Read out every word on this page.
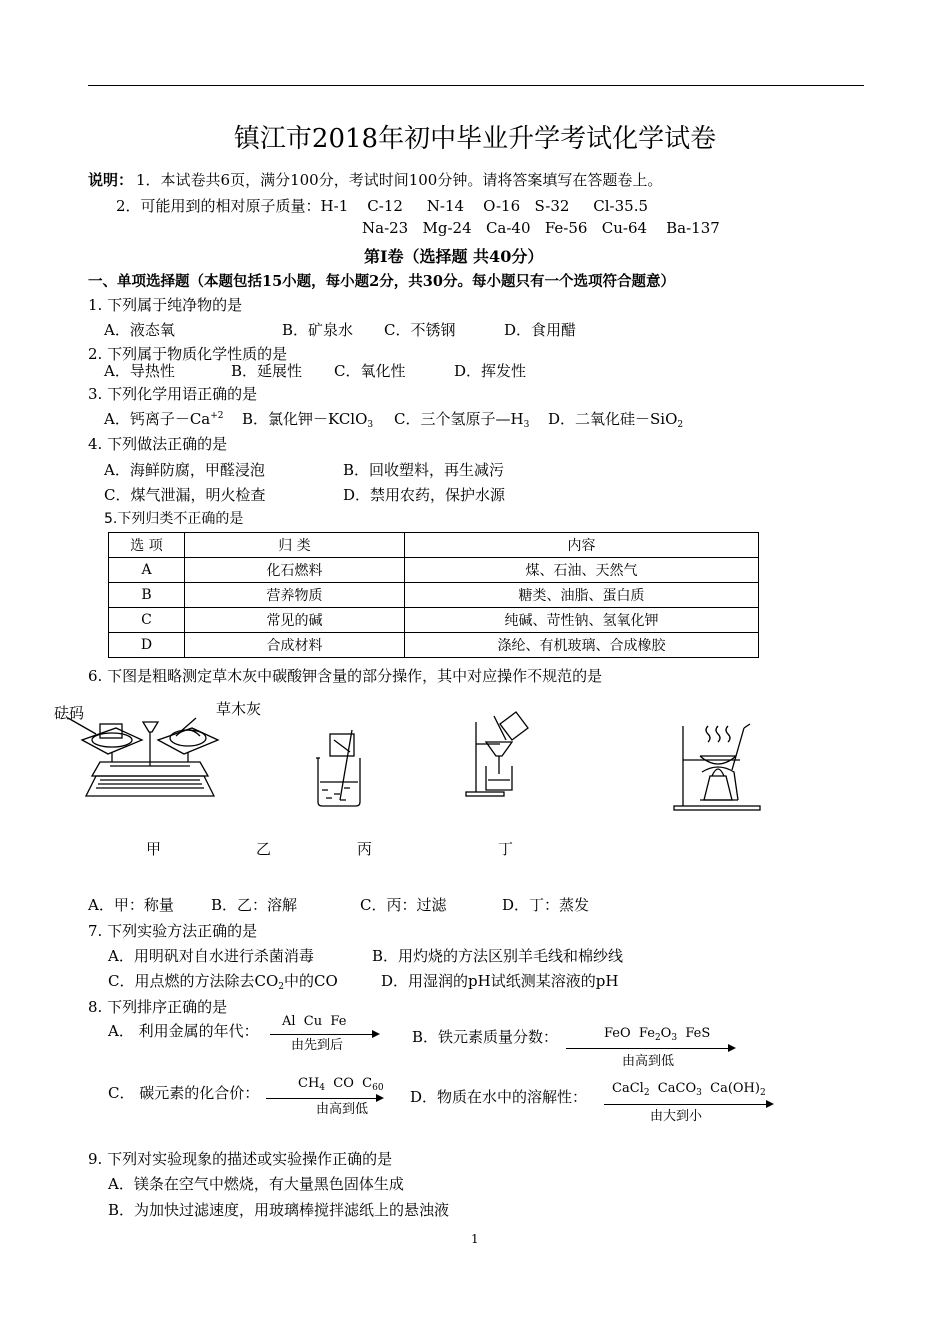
镇江市2018年初中毕业升学考试化学试卷
说明： 1．本试卷共6页，满分100分，考试时间100分钟。请将答案填写在答题卷上。
2．可能用到的相对原子质量：H-1    C-12     N-14    O-16   S-32     Cl-35.5
Na-23   Mg-24   Ca-40   Fe-56   Cu-64    Ba-137
第Ⅰ卷（选择题 共40分）
一、单项选择题（本题包括15小题，每小题2分，共30分。每小题只有一个选项符合题意）
1. 下列属于纯净物的是
A．液态氧	B．矿泉水 C．不锈钢	D．食用醋
2. 下列属于物质化学性质的是
A．导热性	B．延展性 C．氧化性	D．挥发性
3. 下列化学用语正确的是
A．钙离子$-Ca^{+2}$ B．氯化钾－KClO$_3$ C．三个氢原子$—H_3$ D．二氧化硅－SiO$_2$
4. 下列做法正确的是
A．海鲜防腐，甲醛浸泡	B．回收塑料，再生减污
C．煤气泄漏，明火检查	D．禁用农药，保护水源
5.下列归类不正确的是
选 项	归 类	内容
A	化石燃料	煤、石油、天然气
B	营养物质	糖类、油脂、蛋白质
C	常见的碱	纯碱、苛性钠、氢氧化钾
D	合成材料	涤纶、有机玻璃、合成橡胶
6. 下图是粗略测定草木灰中碳酸钾含量的部分操作，其中对应操作不规范的是
砝码	草木灰
甲	乙	丙	丁
A．甲：称量 B．乙：溶解	C．丙：过滤	D．丁：蒸发
7. 下列实验方法正确的是
A．用明矾对自水进行杀菌消毒	B．用灼烧的方法区别羊毛线和棉纱线
C．用点燃的方法除去$CO_2$中的CO	D．用湿润的pH试纸测某溶液的pH
8. 下列排序正确的是
A． 利用金属的年代：
Al  Cu  Fe
由先到后	B．铁元素质量分数：	FeO  $Fe_2O_3$  FeS
由高到低
C． 碳元素的化合价：
$CH_4$  CO  $C_{60}$
由高到低
D．物质在水中的溶解性： CaCl$_2$  CaCO$_3$  $Ca(OH)_2$
由大到小
9. 下列对实验现象的描述或实验操作正确的是
A．镁条在空气中燃烧，有大量黑色固体生成
B．为加快过滤速度，用玻璃棒搅拌滤纸上的悬浊液
1
